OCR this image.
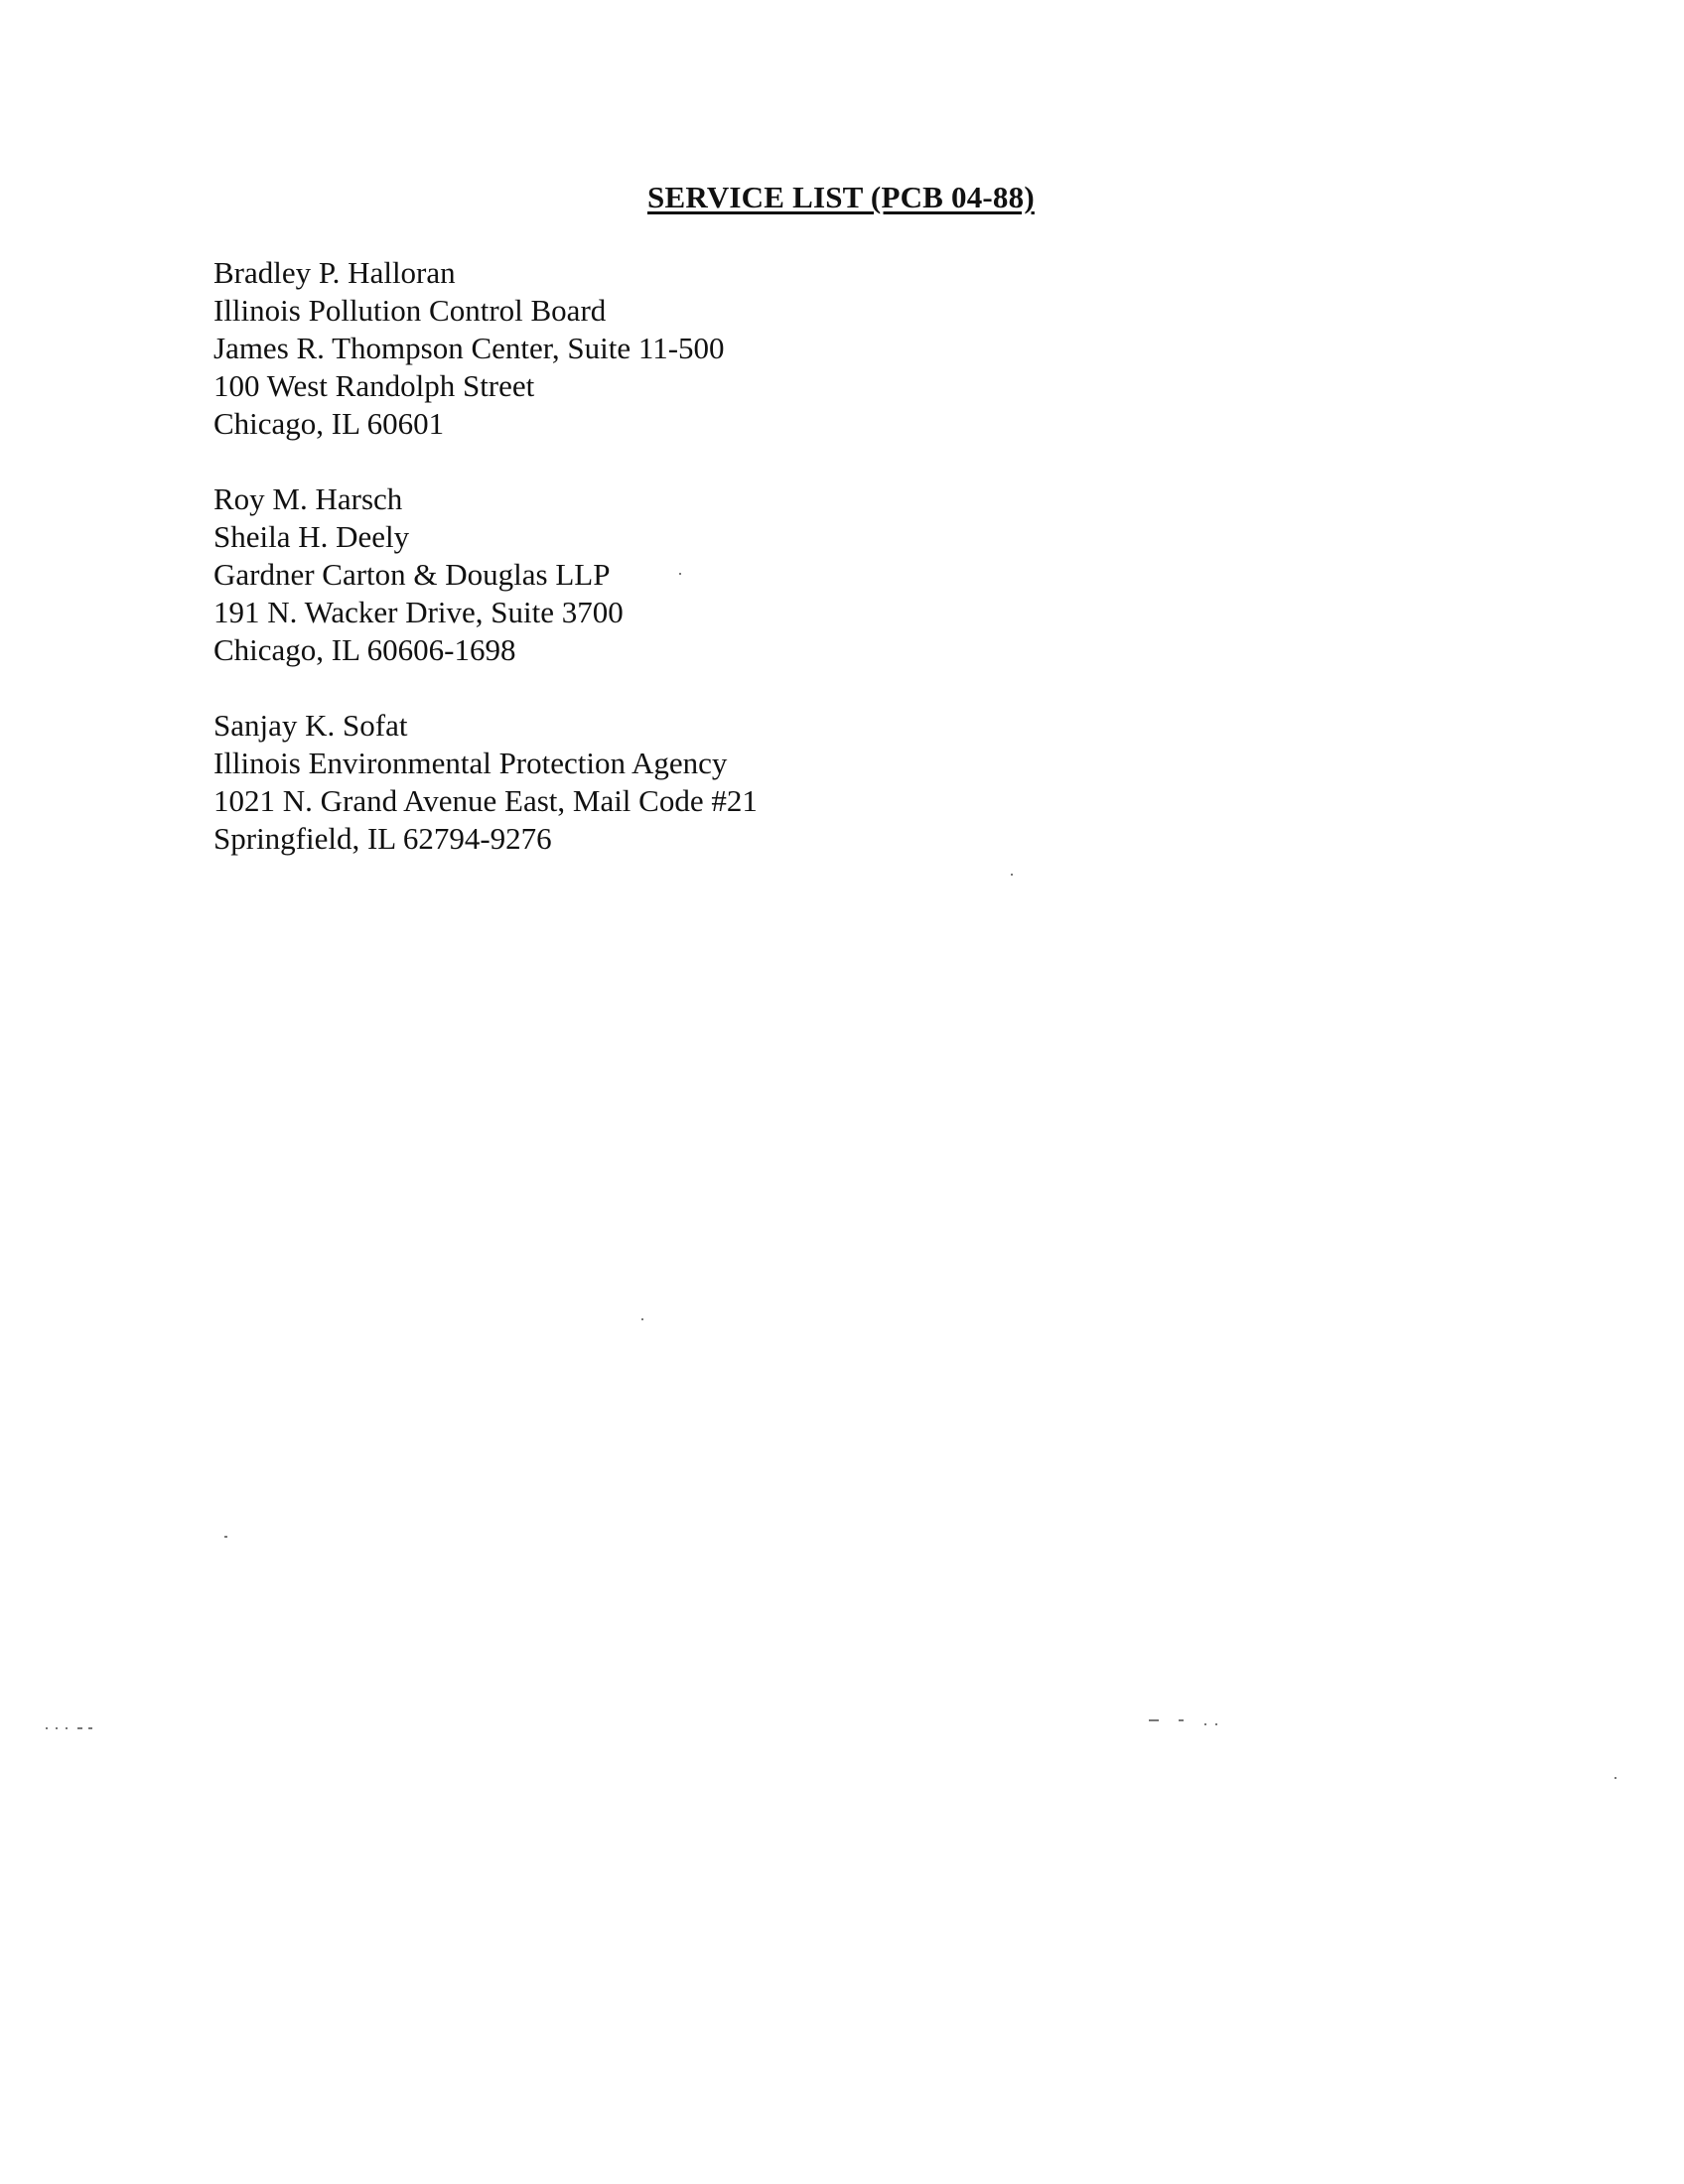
SERVICE LIST (PCB 04-88)
Bradley P. Halloran
Illinois Pollution Control Board
James R. Thompson Center, Suite 11-500
100 West Randolph Street
Chicago, IL 60601
Roy M. Harsch
Sheila H. Deely
Gardner Carton & Douglas LLP
191 N. Wacker Drive, Suite 3700
Chicago, IL 60606-1698
Sanjay K. Sofat
Illinois Environmental Protection Agency
1021 N. Grand Avenue East, Mail Code #21
Springfield, IL 62794-9276
